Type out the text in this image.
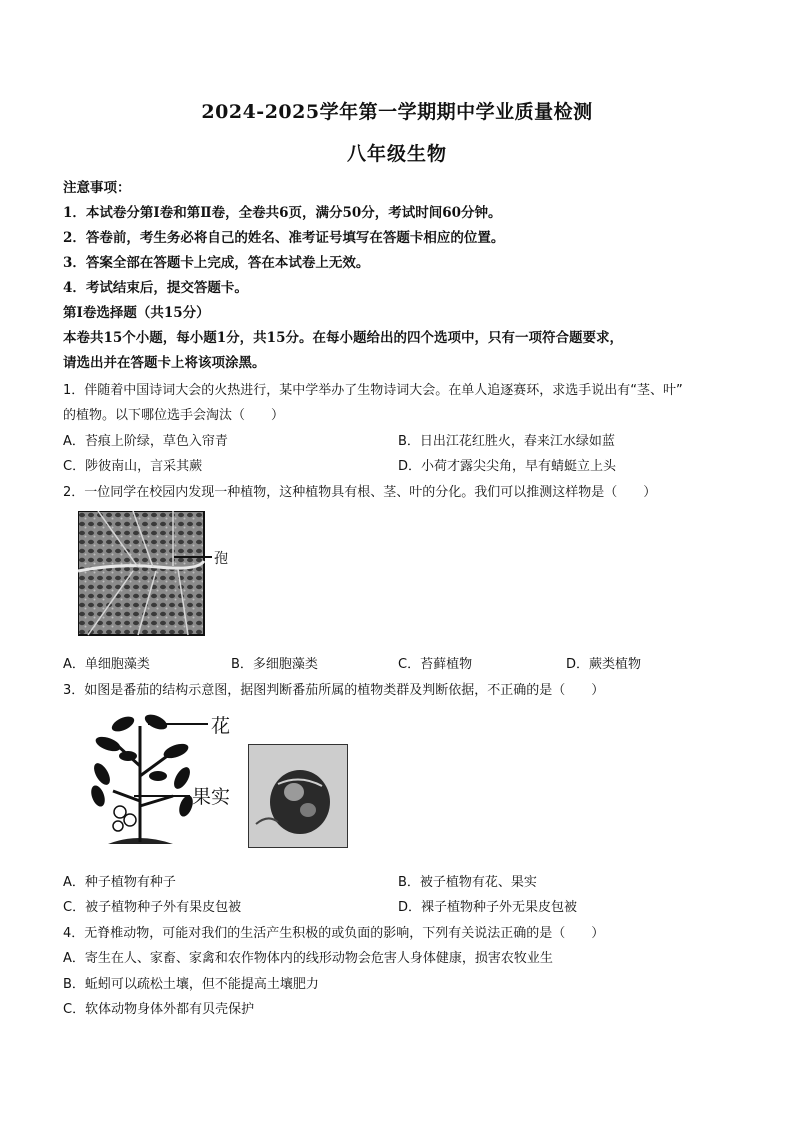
2024-2025学年第一学期期中学业质量检测
八年级生物
注意事项：
1．本试卷分第Ⅰ卷和第Ⅱ卷，全卷共6页，满分50分，考试时间60分钟。
2．答卷前，考生务必将自己的姓名、准考证号填写在答题卡相应的位置。
3．答案全部在答题卡上完成，答在本试卷上无效。
4．考试结束后，提交答题卡。
第Ⅰ卷选择题（共15分）
本卷共15个小题，每小题1分，共15分。在每小题给出的四个选项中，只有一项符合题要求，
请选出并在答题卡上将该项涂黑。
1．伴随着中国诗词大会的火热进行，某中学举办了生物诗词大会。在单人追逐赛环，求选手说出有“茎、叶”
的植物。以下哪位选手会淘汰（　　）
A．苔痕上阶绿，草色入帘青	B．日出江花红胜火，春来江水绿如蓝
C．陟彼南山，言采其蕨	D．小荷才露尖尖角，早有蜻蜓立上头
2．一位同学在校园内发现一种植物，这种植物具有根、茎、叶的分化。我们可以推测这样物是（　　）
孢
A．单细胞藻类	B．多细胞藻类	C．苔藓植物	D．蕨类植物
3．如图是番茄的结构示意图，据图判断番茄所属的植物类群及判断依据，不正确的是（　　）
花
果实
A．种子植物有种子	B．被子植物有花、果实
C．被子植物种子外有果皮包被	D．裸子植物种子外无果皮包被
4．无脊椎动物，可能对我们的生活产生积极的或负面的影响，下列有关说法正确的是（　　）
A．寄生在人、家畜、家禽和农作物体内的线形动物会危害人身体健康，损害农牧业生
B．蚯蚓可以疏松土壤，但不能提高土壤肥力
C．软体动物身体外都有贝壳保护
